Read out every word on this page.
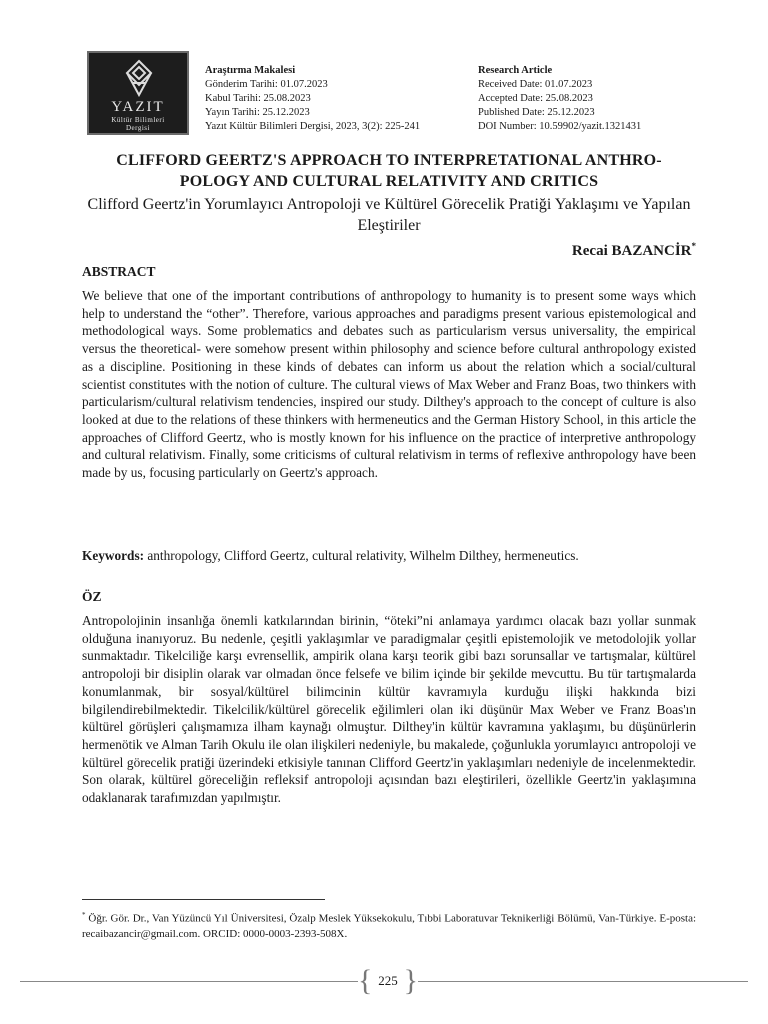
YAZIT
Kültür Bilimleri
Dergisi
Araştırma Makalesi
Gönderim Tarihi: 01.07.2023
Kabul Tarihi: 25.08.2023
Yayın Tarihi: 25.12.2023
Yazıt Kültür Bilimleri Dergisi, 2023, 3(2): 225-241
Research Article
Received Date: 01.07.2023
Accepted Date: 25.08.2023
Published Date: 25.12.2023
DOI Number: 10.59902/yazit.1321431
CLIFFORD GEERTZ'S APPROACH TO INTERPRETATIONAL ANTHRO-POLOGY AND CULTURAL RELATIVITY AND CRITICS
Clifford Geertz'in Yorumlayıcı Antropoloji ve Kültürel Görecelik Pratiği Yaklaşımı ve Yapılan Eleştiriler
Recai BAZANCİR*
ABSTRACT
We believe that one of the important contributions of anthropology to humanity is to present some ways which help to understand the “other”. Therefore, various approaches and paradigms present various epistemological and methodological ways. Some problematics and debates such as particularism versus universality, the empirical versus the theoretical- were somehow present within philosophy and science before cultural anthropology existed as a discipline. Positioning in these kinds of debates can inform us about the relation which a social/cultural scientist constitutes with the notion of culture. The cultural views of Max Weber and Franz Boas, two thinkers with particularism/cultural relativism tendencies, inspired our study. Dilthey's approach to the concept of culture is also looked at due to the relations of these thinkers with hermeneutics and the German History School, in this article the approaches of Clifford Geertz, who is mostly known for his influence on the practice of interpretive anthropology and cultural relativism. Finally, some criticisms of cultural relativism in terms of reflexive anthropology have been made by us, focusing particularly on Geertz's approach.
Keywords: anthropology, Clifford Geertz, cultural relativity, Wilhelm Dilthey, hermeneutics.
ÖZ
Antropolojinin insanlığa önemli katkılarından birinin, “öteki”ni anlamaya yardımcı olacak bazı yollar sunmak olduğuna inanıyoruz. Bu nedenle, çeşitli yaklaşımlar ve paradigmalar çeşitli epistemolojik ve metodolojik yollar sunmaktadır. Tikelciliğe karşı evrensellik, ampirik olana karşı teorik gibi bazı sorunsallar ve tartışmalar, kültürel antropoloji bir disiplin olarak var olmadan önce felsefe ve bilim içinde bir şekilde mevcuttu. Bu tür tartışmalarda konumlanmak, bir sosyal/kültürel bilimcinin kültür kavramıyla kurduğu ilişki hakkında bizi bilgilendirebilmektedir. Tikelcilik/kültürel görecelik eğilimleri olan iki düşünür Max Weber ve Franz Boas'ın kültürel görüşleri çalışmamıza ilham kaynağı olmuştur. Dilthey'in kültür kavramına yaklaşımı, bu düşünürlerin hermenötik ve Alman Tarih Okulu ile olan ilişkileri nedeniyle, bu makalede, çoğunlukla yorumlayıcı antropoloji ve kültürel görecelik pratiği üzerindeki etkisiyle tanınan Clifford Geertz'in yaklaşımları nedeniyle de incelenmektedir. Son olarak, kültürel göreceliğin refleksif antropoloji açısından bazı eleştirileri, özellikle Geertz'in yaklaşımına odaklanarak tarafımızdan yapılmıştır.
* Öğr. Gör. Dr., Van Yüzüncü Yıl Üniversitesi, Özalp Meslek Yüksekokulu, Tıbbi Laboratuvar Teknikerliği Bölümü, Van-Türkiye. E-posta: recaibazancir@gmail.com. ORCID: 0000-0003-2393-508X.
{ 225 }
